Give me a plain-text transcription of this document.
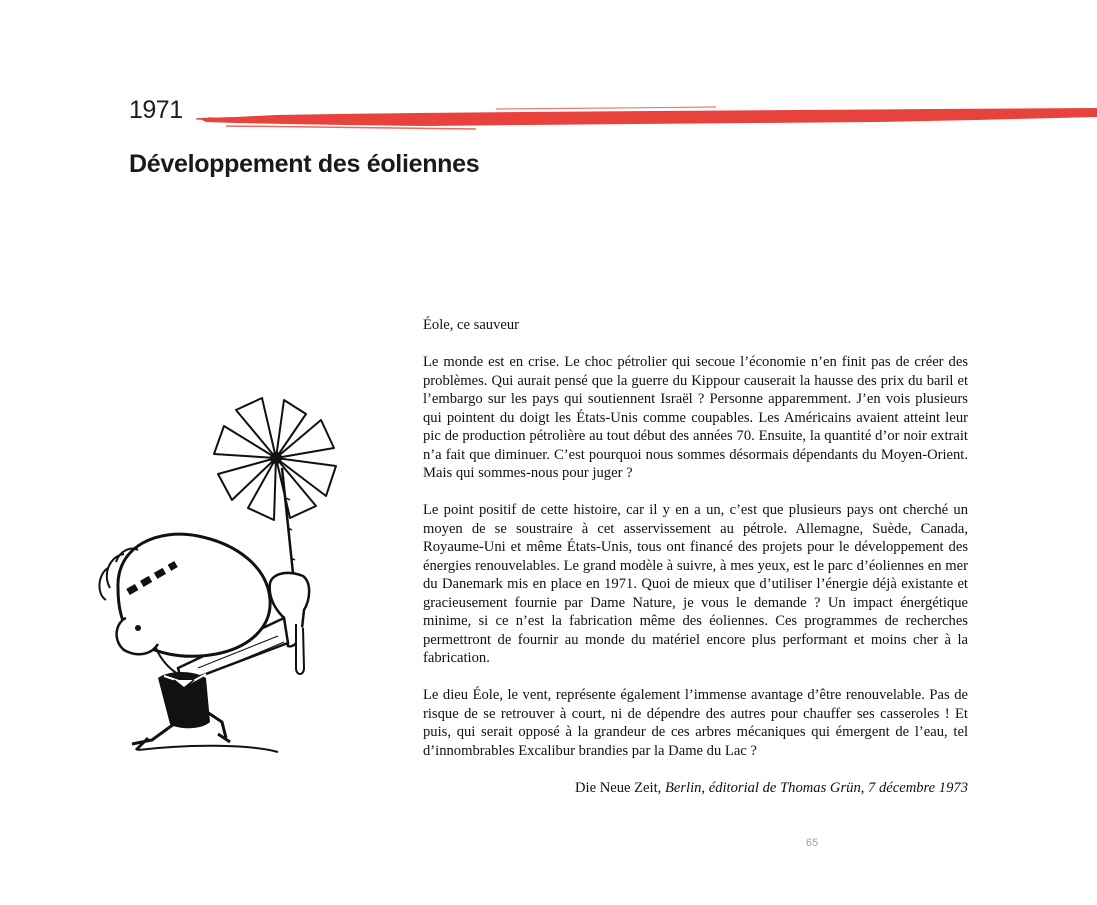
1971
Développement des éoliennes

Éole, ce sauveur

Le monde est en crise. Le choc pétrolier qui secoue l’économie n’en finit pas de créer des problèmes. Qui aurait pensé que la guerre du Kippour causerait la hausse des prix du baril et l’embargo sur les pays qui soutiennent Israël ? Personne apparemment. J’en vois plusieurs qui pointent du doigt les États-Unis comme coupables. Les Américains avaient atteint leur pic de production pétrolière au tout début des années 70. Ensuite, la quantité d’or noir extrait n’a fait que diminuer. C’est pourquoi nous sommes désormais dépendants du Moyen-Orient. Mais qui sommes-nous pour juger ?

Le point positif de cette histoire, car il y en a un, c’est que plusieurs pays ont cherché un moyen de se soustraire à cet asservissement au pétrole. Allemagne, Suède, Canada, Royaume-Uni et même États-Unis, tous ont financé des projets pour le développement des énergies renouvelables. Le grand modèle à suivre, à mes yeux, est le parc d’éoliennes en mer du Danemark mis en place en 1971. Quoi de mieux que d’utiliser l’énergie déjà existante et gracieusement fournie par Dame Nature, je vous le demande ? Un impact énergétique minime, si ce n’est la fabrication même des éoliennes. Ces programmes de recherches permettront de fournir au monde du matériel encore plus performant et moins cher à la fabrication.

Le dieu Éole, le vent, représente également l’immense avantage d’être renouvelable. Pas de risque de se retrouver à court, ni de dépendre des autres pour chauffer ses casseroles ! Et puis, qui serait opposé à la grandeur de ces arbres mécaniques qui émergent de l’eau, tel d’innombrables Excalibur brandies par la Dame du Lac ?

Die Neue Zeit, Berlin, éditorial de Thomas Grün, 7 décembre 1973

65
